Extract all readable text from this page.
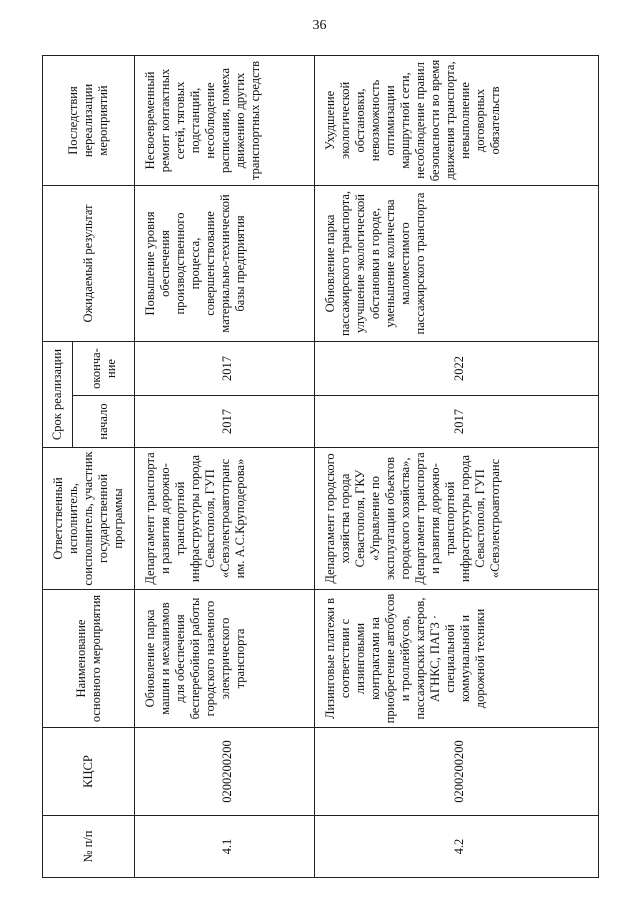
36
№ п/п	КЦСР	Наименование основного мероприятия	Ответственный исполнитель, соисполнитель, участник государственной программы	Срок реализации		Ожидаемый результат	Последствия нереализации мероприятий
				начало	оконча-ние		
4.1	0200200200	Обновление парка машин и механизмов для обеспечения бесперебойной работы городского наземного электрического транспорта	Департамент транспорта и развития дорожно-транспортной инфраструктуры города Севастополя, ГУП «Севэлектроавтотранс им. А.С.Круподерова»	2017	2017	Повышение уровня обеспечения производственного процесса, совершенствование материально-технической базы предприятия	Несвоевременный ремонт контактных сетей, тяговых подстанций, несоблюдение расписания, помеха движению других транспортных средств
4.2	0200200200	Лизинговые платежи в соответствии с лизинговыми контрактами на приобретение автобусов и троллейбусов, пассажирских катеров, АГНКС, ПАГЗ · специальной коммунальной и дорожной техники	Департамент городского хозяйства города Севастополя, ГКУ «Управление по эксплуатации объектов городского хозяйства», Департамент транспорта и развития дорожно-транспортной инфраструктуры города Севастополя, ГУП «Севэлектроавтотранс	2017	2022	Обновление парка пассажирского транспорта, улучшение экологической обстановки в городе, уменьшение количества маломестимого пассажирского транспорта	Ухудшение экологической обстановки, невозможность оптимизации маршрутной сети, несоблюдение правил безопасности во время движения транспорта, невыполнение договорных обязательств
